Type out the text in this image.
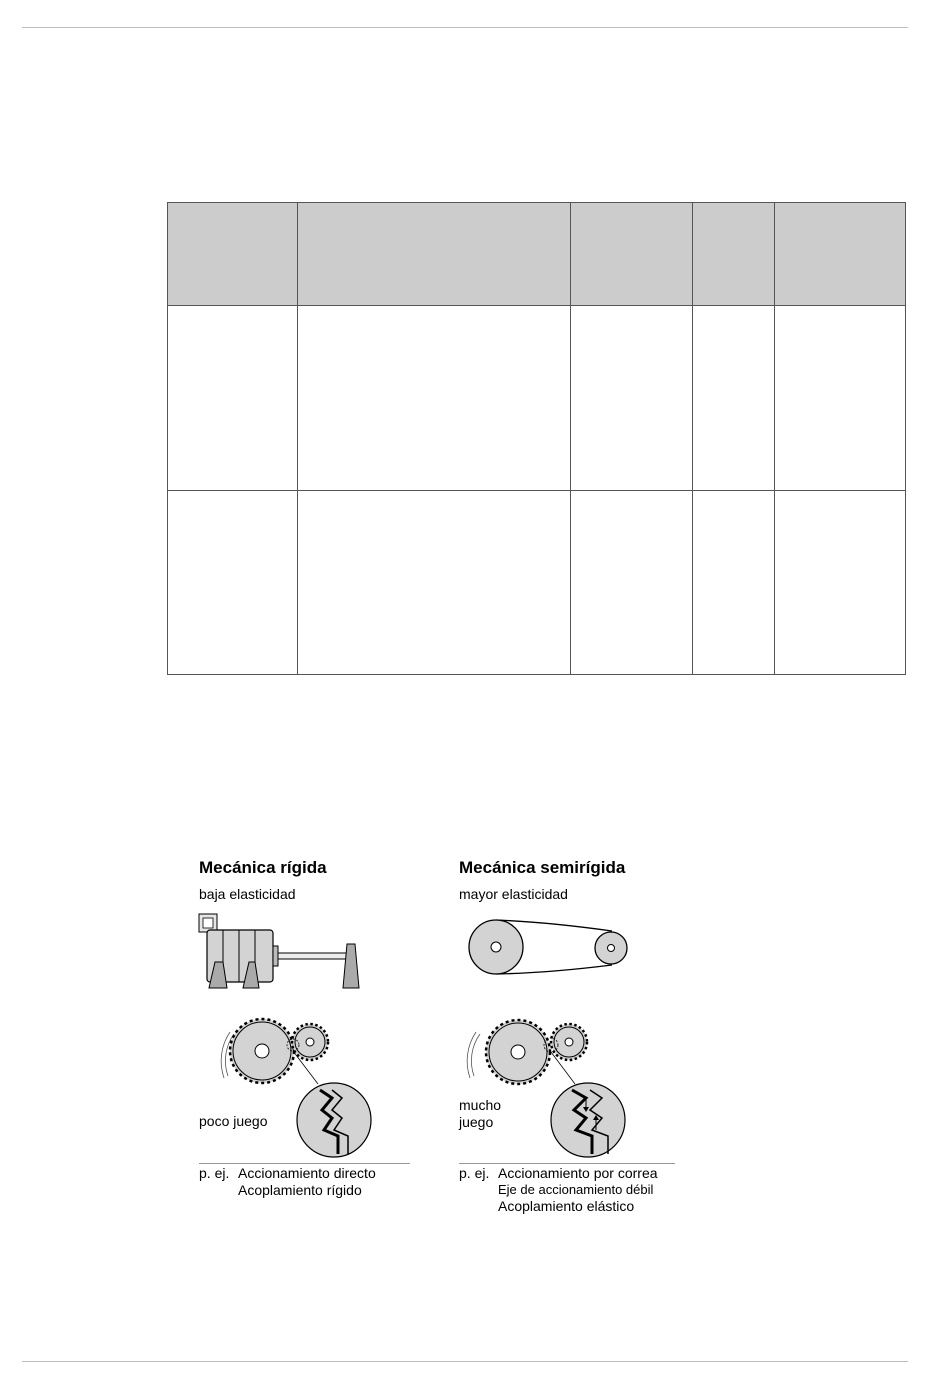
Mecánica rígida
baja elasticidad
poco juego
p. ej. Accionamiento directo
Acoplamiento rígido
Mecánica semirígida
mayor elasticidad
mucho
juego
p. ej. Accionamiento por correa
Eje de accionamiento débil
Acoplamiento elástico
